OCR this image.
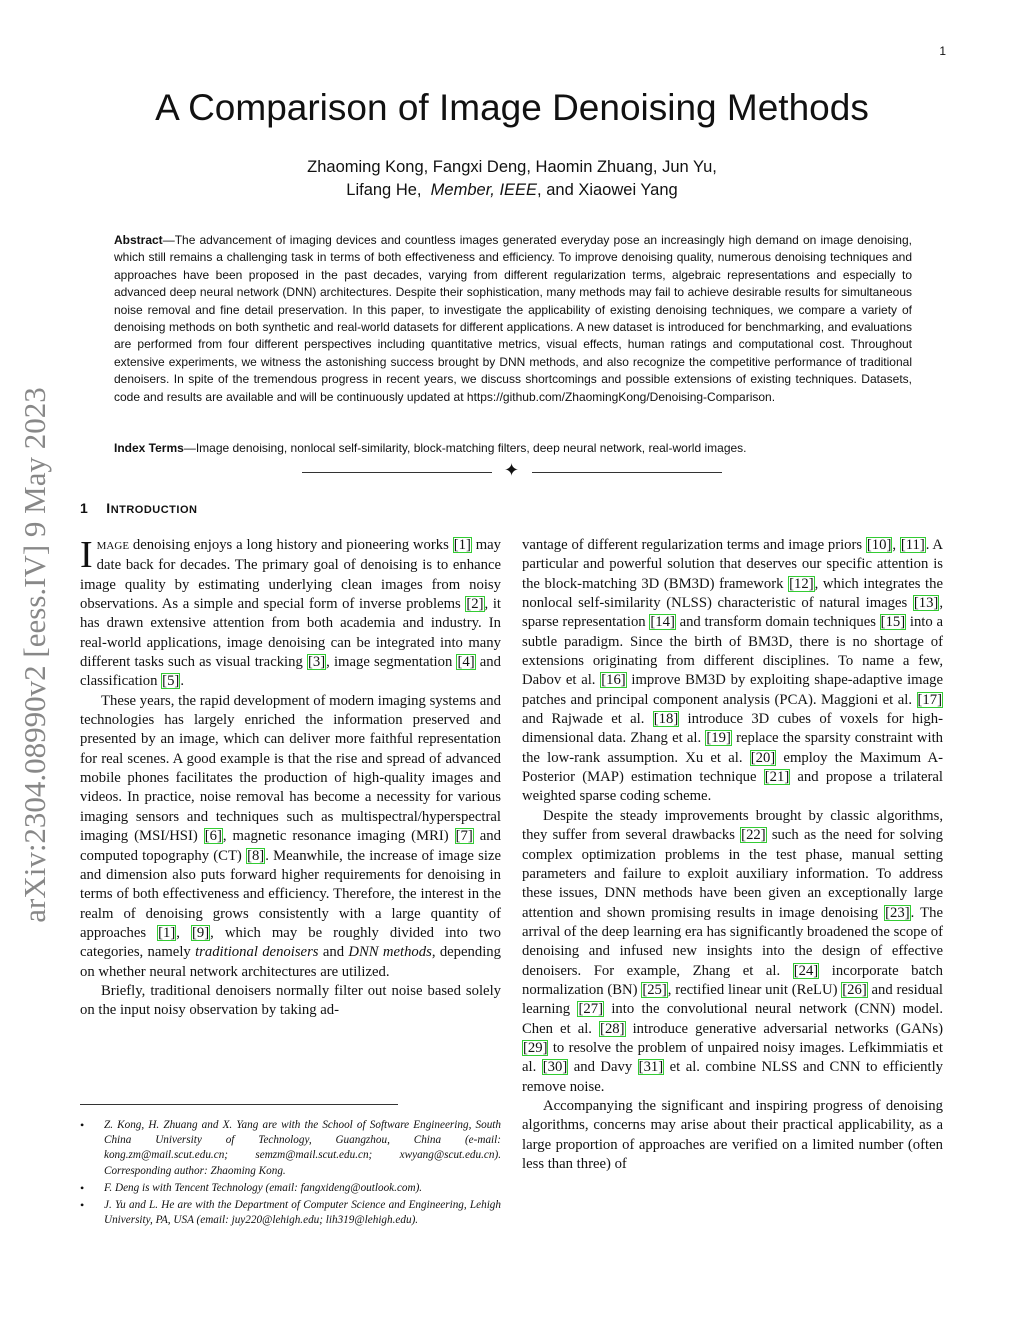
1
arXiv:2304.08990v2 [eess.IV] 9 May 2023
A Comparison of Image Denoising Methods
Zhaoming Kong, Fangxi Deng, Haomin Zhuang, Jun Yu,
Lifang He, Member, IEEE, and Xiaowei Yang
Abstract—The advancement of imaging devices and countless images generated everyday pose an increasingly high demand on image denoising, which still remains a challenging task in terms of both effectiveness and efficiency. To improve denoising quality, numerous denoising techniques and approaches have been proposed in the past decades, varying from different regularization terms, algebraic representations and especially to advanced deep neural network (DNN) architectures. Despite their sophistication, many methods may fail to achieve desirable results for simultaneous noise removal and fine detail preservation. In this paper, to investigate the applicability of existing denoising techniques, we compare a variety of denoising methods on both synthetic and real-world datasets for different applications. A new dataset is introduced for benchmarking, and evaluations are performed from four different perspectives including quantitative metrics, visual effects, human ratings and computational cost. Throughout extensive experiments, we witness the astonishing success brought by DNN methods, and also recognize the competitive performance of traditional denoisers. In spite of the tremendous progress in recent years, we discuss shortcomings and possible extensions of existing techniques. Datasets, code and results are available and will be continuously updated at https://github.com/ZhaomingKong/Denoising-Comparison.
Index Terms—Image denoising, nonlocal self-similarity, block-matching filters, deep neural network, real-world images.
✦
1 INTRODUCTION

IMAGE denoising enjoys a long history and pioneering works [1] may date back for decades. The primary goal of denoising is to enhance image quality by estimating underlying clean images from noisy observations. As a simple and special form of inverse problems [2], it has drawn extensive attention from both academia and industry. In real-world applications, image denoising can be integrated into many different tasks such as visual tracking [3], image segmentation [4] and classification [5].

These years, the rapid development of modern imaging systems and technologies has largely enriched the information preserved and presented by an image, which can deliver more faithful representation for real scenes. A good example is that the rise and spread of advanced mobile phones facilitates the production of high-quality images and videos. In practice, noise removal has become a necessity for various imaging sensors and techniques such as multispectral/hyperspectral imaging (MSI/HSI) [6], magnetic resonance imaging (MRI) [7] and computed topography (CT) [8]. Meanwhile, the increase of image size and dimension also puts forward higher requirements for denoising in terms of both effectiveness and efficiency. Therefore, the interest in the realm of denoising grows consistently with a large quantity of approaches [1], [9], which may be roughly divided into two categories, namely traditional denoisers and DNN methods, depending on whether neural network architectures are utilized.

Briefly, traditional denoisers normally filter out noise based solely on the input noisy observation by taking ad-

• Z. Kong, H. Zhuang and X. Yang are with the School of Software Engineering, South China University of Technology, Guangzhou, China (e-mail: kong.zm@mail.scut.edu.cn; semzm@mail.scut.edu.cn; xwyang@scut.edu.cn). Corresponding author: Zhaoming Kong.
• F. Deng is with Tencent Technology (email: fangxideng@outlook.com).
• J. Yu and L. He are with the Department of Computer Science and Engineering, Lehigh University, PA, USA (email: juy220@lehigh.edu; lih319@lehigh.edu).

vantage of different regularization terms and image priors [10], [11]. A particular and powerful solution that deserves our specific attention is the block-matching 3D (BM3D) framework [12], which integrates the nonlocal self-similarity (NLSS) characteristic of natural images [13], sparse representation [14] and transform domain techniques [15] into a subtle paradigm. Since the birth of BM3D, there is no shortage of extensions originating from different disciplines. To name a few, Dabov et al. [16] improve BM3D by exploiting shape-adaptive image patches and principal component analysis (PCA). Maggioni et al. [17] and Rajwade et al. [18] introduce 3D cubes of voxels for high-dimensional data. Zhang et al. [19] replace the sparsity constraint with the low-rank assumption. Xu et al. [20] employ the Maximum A-Posterior (MAP) estimation technique [21] and propose a trilateral weighted sparse coding scheme.

Despite the steady improvements brought by classic algorithms, they suffer from several drawbacks [22] such as the need for solving complex optimization problems in the test phase, manual setting parameters and failure to exploit auxiliary information. To address these issues, DNN methods have been given an exceptionally large attention and shown promising results in image denoising [23]. The arrival of the deep learning era has significantly broadened the scope of denoising and infused new insights into the design of effective denoisers. For example, Zhang et al. [24] incorporate batch normalization (BN) [25], rectified linear unit (ReLU) [26] and residual learning [27] into the convolutional neural network (CNN) model. Chen et al. [28] introduce generative adversarial networks (GANs) [29] to resolve the problem of unpaired noisy images. Lefkimmiatis et al. [30] and Davy [31] et al. combine NLSS and CNN to efficiently remove noise.

Accompanying the significant and inspiring progress of denoising algorithms, concerns may arise about their practical applicability, as a large proportion of approaches are verified on a limited number (often less than three) of
